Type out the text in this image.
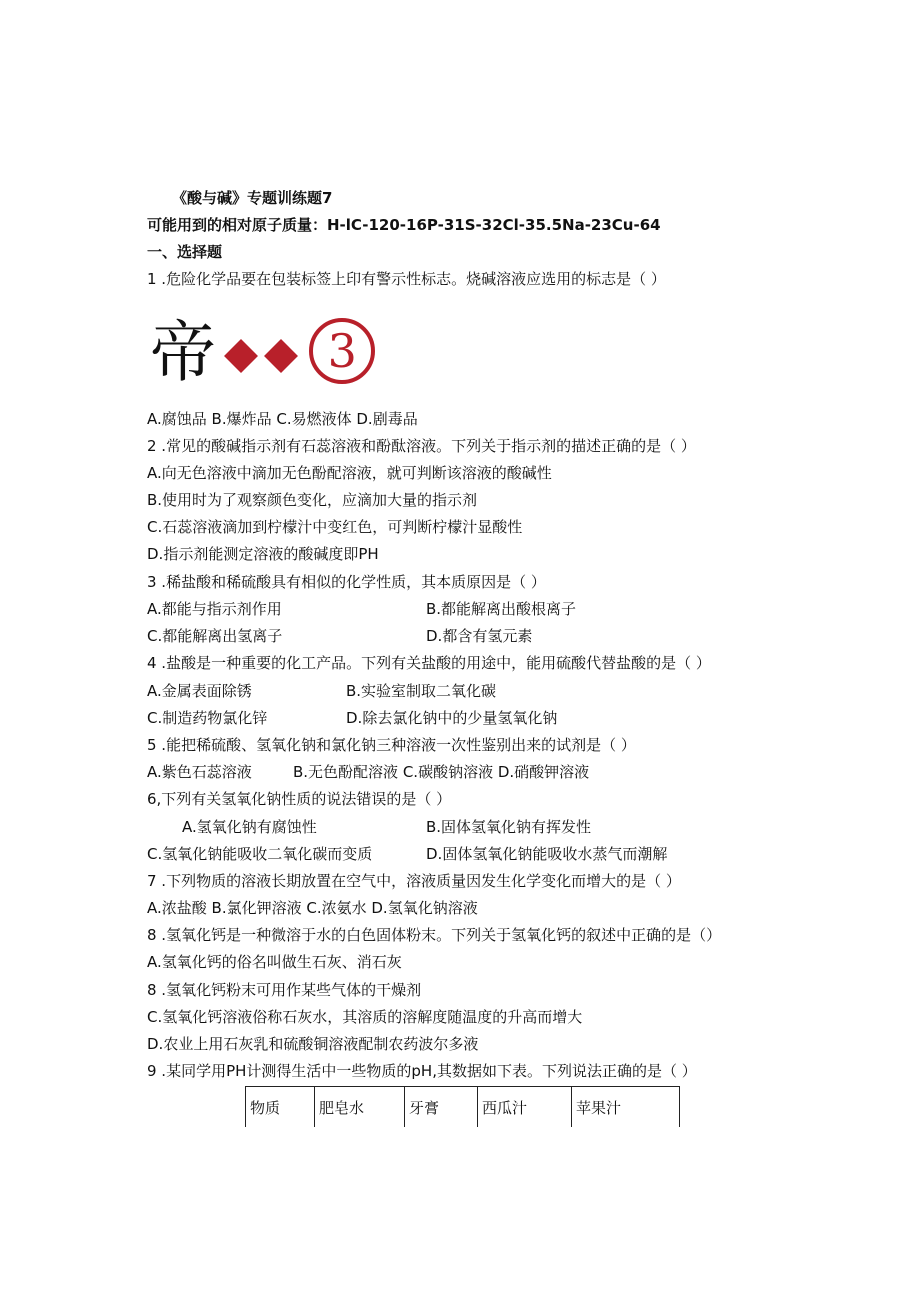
《酸与碱》专题训练题7
可能用到的相对原子质量：H-lC-120-16P-31S-32Cl-35.5Na-23Cu-64
一、选择题
1 .危险化学品要在包装标签上印有警示性标志。烧碱溶液应选用的标志是（ ）
帝 3
A.腐蚀品 B.爆炸品 C.易燃液体 D.剧毒品
2 .常见的酸碱指示剂有石蕊溶液和酚酞溶液。下列关于指示剂的描述正确的是（ ）
A.向无色溶液中滴加无色酚配溶液，就可判断该溶液的酸碱性
B.使用时为了观察颜色变化，应滴加大量的指示剂
C.石蕊溶液滴加到柠檬汁中变红色，可判断柠檬汁显酸性
D.指示剂能测定溶液的酸碱度即PH
3 .稀盐酸和稀硫酸具有相似的化学性质，其本质原因是（ ）
A.都能与指示剂作用	B.都能解离出酸根离子
C.都能解离出氢离子	D.都含有氢元素
4 .盐酸是一种重要的化工产品。下列有关盐酸的用途中，能用硫酸代替盐酸的是（ ）
A.金属表面除锈	B.实验室制取二氧化碳
C.制造药物氯化锌	D.除去氯化钠中的少量氢氧化钠
5 .能把稀硫酸、氢氧化钠和氯化钠三种溶液一次性鉴别出来的试剂是（ ）
A.紫色石蕊溶液	B.无色酚配溶液 C.碳酸钠溶液 D.硝酸钾溶液
6,下列有关氢氧化钠性质的说法错误的是（ ）
A.氢氧化钠有腐蚀性	B.固体氢氧化钠有挥发性
C.氢氧化钠能吸收二氧化碳而变质	D.固体氢氧化钠能吸收水蒸气而潮解
7 .下列物质的溶液长期放置在空气中，溶液质量因发生化学变化而增大的是（ ）
A.浓盐酸 B.氯化钾溶液 C.浓氨水 D.氢氧化钠溶液
8 .氢氧化钙是一种微溶于水的白色固体粉末。下列关于氢氧化钙的叙述中正确的是（）
A.氢氧化钙的俗名叫做生石灰、消石灰
8 .氢氧化钙粉末可用作某些气体的干燥剂
C.氢氧化钙溶液俗称石灰水，其溶质的溶解度随温度的升高而增大
D.农业上用石灰乳和硫酸铜溶液配制农药波尔多液
9 .某同学用PH计测得生活中一些物质的pH,其数据如下表。下列说法正确的是（ ）
物质	肥皂水	牙膏	西瓜汁	苹果汁
